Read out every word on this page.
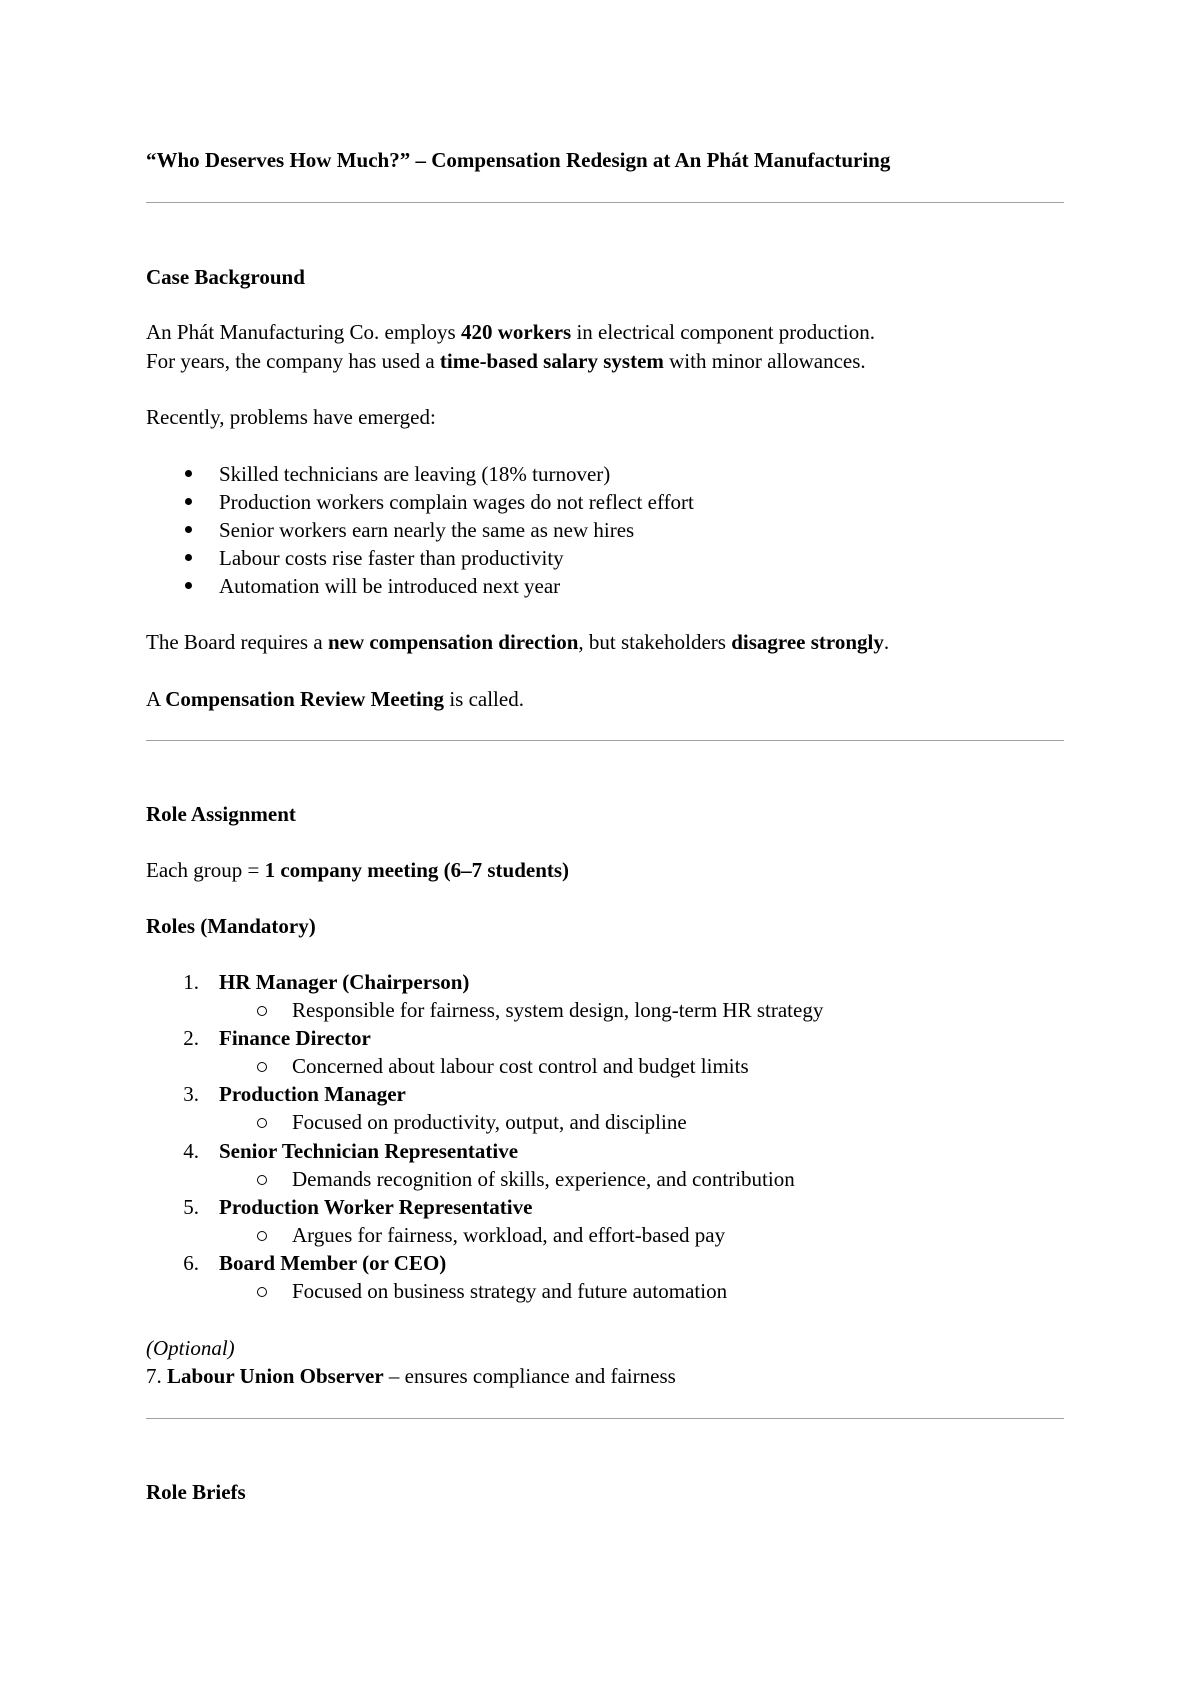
“Who Deserves How Much?” – Compensation Redesign at An Phát Manufacturing
Case Background
An Phát Manufacturing Co. employs 420 workers in electrical component production.
For years, the company has used a time-based salary system with minor allowances.
Recently, problems have emerged:
Skilled technicians are leaving (18% turnover)
Production workers complain wages do not reflect effort
Senior workers earn nearly the same as new hires
Labour costs rise faster than productivity
Automation will be introduced next year
The Board requires a new compensation direction, but stakeholders disagree strongly.
A Compensation Review Meeting is called.
Role Assignment
Each group = 1 company meeting (6–7 students)
Roles (Mandatory)
1. HR Manager (Chairperson)
Responsible for fairness, system design, long-term HR strategy
2. Finance Director
Concerned about labour cost control and budget limits
3. Production Manager
Focused on productivity, output, and discipline
4. Senior Technician Representative
Demands recognition of skills, experience, and contribution
5. Production Worker Representative
Argues for fairness, workload, and effort-based pay
6. Board Member (or CEO)
Focused on business strategy and future automation
(Optional)
7. Labour Union Observer – ensures compliance and fairness
Role Briefs
